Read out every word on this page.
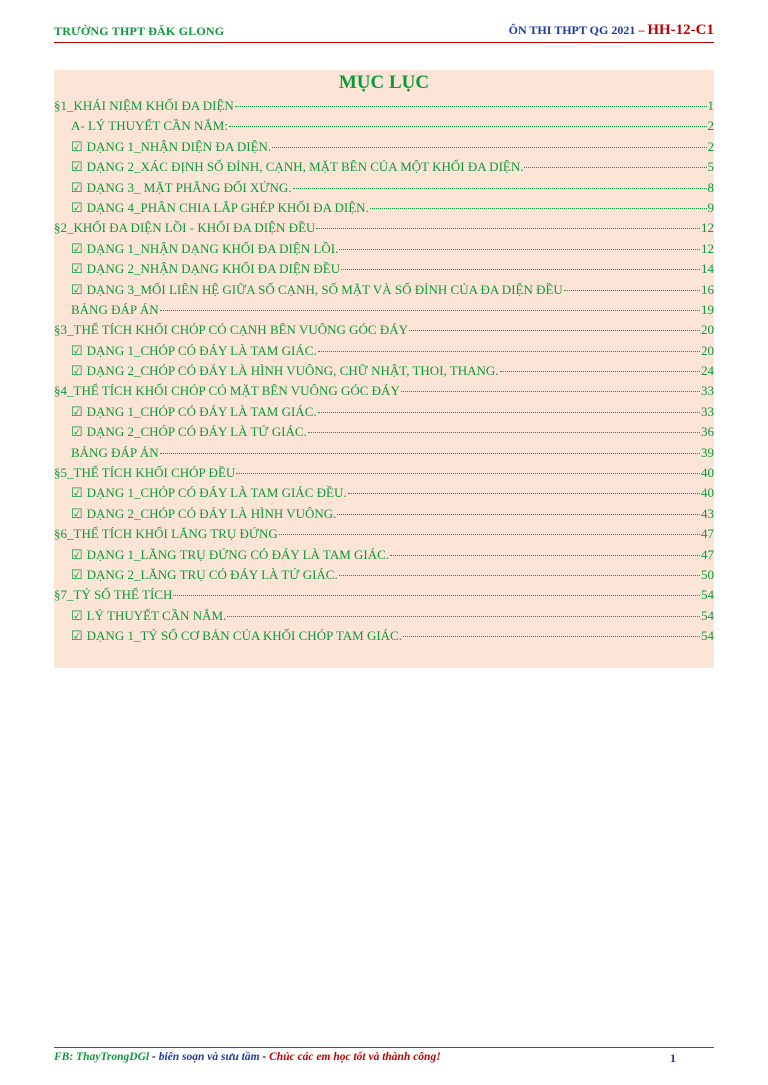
TRƯỜNG THPT ĐĂK GLONG	ÔN THI THPT QG 2021 – HH-12-C1
MỤC LỤC
§1_KHÁI NIỆM KHỐI ĐA DIỆN	1
A- LÝ THUYẾT CẦN NẮM:	2
☑ DẠNG 1_NHẬN DIỆN ĐA DIỆN.	2
☑ DẠNG 2_XÁC ĐỊNH SỐ ĐỈNH, CẠNH, MẶT BÊN CỦA MỘT KHỐI ĐA DIỆN.	5
☑ DẠNG 3_ MẶT PHẲNG ĐỐI XỨNG.	8
☑ DẠNG 4_PHÂN CHIA LẮP GHÉP KHỐI ĐA DIỆN.	9
§2_KHỐI ĐA DIỆN LỒI - KHỐI ĐA DIỆN ĐỀU	12
☑ DẠNG 1_NHẬN DẠNG KHỐI ĐA DIỆN LỒI.	12
☑ DẠNG 2_NHẬN DẠNG KHỐI ĐA DIỆN ĐỀU	14
☑ DẠNG 3_MỐI LIÊN HỆ GIỮA SỐ CẠNH, SỐ MẶT VÀ SỐ ĐỈNH CỦA ĐA DIỆN ĐỀU	16
BẢNG ĐÁP ÁN	19
§3_THỂ TÍCH KHỐI CHÓP CÓ CẠNH BÊN VUÔNG GÓC ĐÁY	20
☑ DẠNG 1_CHÓP CÓ ĐÁY LÀ TAM GIÁC.	20
☑ DẠNG 2_CHÓP CÓ ĐÁY LÀ HÌNH VUÔNG, CHỮ NHẬT, THOI, THANG.	24
§4_THỂ TÍCH KHỐI CHÓP CÓ MẶT BÊN VUÔNG GÓC ĐÁY	33
☑ DẠNG 1_CHÓP CÓ ĐÁY LÀ TAM GIÁC.	33
☑ DẠNG 2_CHÓP CÓ ĐÁY LÀ TỨ GIÁC.	36
BẢNG ĐÁP ÁN	39
§5_THỂ TÍCH KHỐI CHÓP ĐỀU	40
☑ DẠNG 1_CHÓP CÓ ĐÁY LÀ TAM GIÁC ĐỀU.	40
☑ DẠNG 2_CHÓP CÓ ĐÁY LÀ HÌNH VUÔNG.	43
§6_THỂ TÍCH KHỐI LĂNG TRỤ ĐỨNG	47
☑ DẠNG 1_LĂNG TRỤ ĐỨNG CÓ ĐÁY LÀ TAM GIÁC.	47
☑ DẠNG 2_LĂNG TRỤ CÓ ĐÁY LÀ TỨ GIÁC.	50
§7_TỶ SỐ THỂ TÍCH	54
☑ LÝ THUYẾT CẦN NẮM.	54
☑ DẠNG 1_TỶ SỐ CƠ BẢN CỦA KHỐI CHÓP TAM GIÁC.	54
FB: ThayTrongDGl - biên soạn và sưu tầm - Chúc các em học tốt và thành công!	1
